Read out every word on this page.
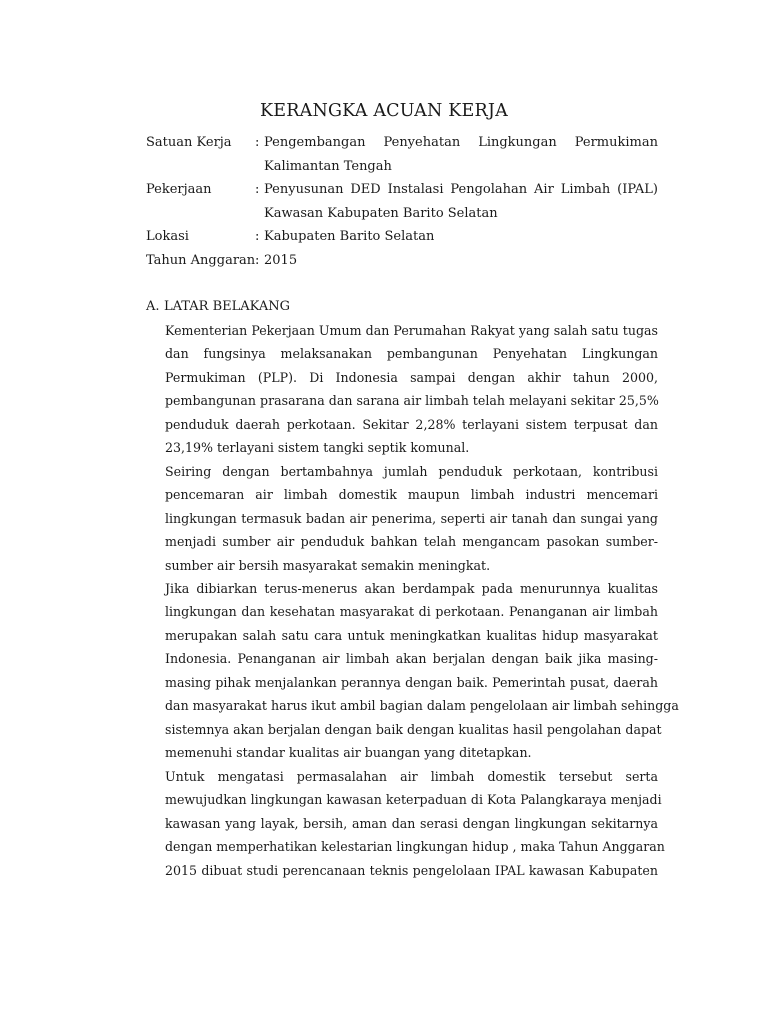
KERANGKA ACUAN KERJA
Satuan Kerja : Pengembangan Penyehatan Lingkungan Permukiman
Kalimantan Tengah
Pekerjaan	: Penyusunan DED Instalasi Pengolahan Air Limbah (IPAL)
Kawasan Kabupaten Barito Selatan
Lokasi	: Kabupaten Barito Selatan
Tahun Anggaran : 2015
A. LATAR BELAKANG
Kementerian Pekerjaan Umum dan Perumahan Rakyat yang salah satu tugas
dan fungsinya melaksanakan pembangunan Penyehatan Lingkungan
Permukiman (PLP). Di Indonesia sampai dengan akhir tahun 2000,
pembangunan prasarana dan sarana air limbah telah melayani sekitar 25,5%
penduduk daerah perkotaan. Sekitar 2,28% terlayani sistem terpusat dan
23,19% terlayani sistem tangki septik komunal.
Seiring dengan bertambahnya jumlah penduduk perkotaan, kontribusi
pencemaran air limbah domestik maupun limbah industri mencemari
lingkungan termasuk badan air penerima, seperti air tanah dan sungai yang
menjadi sumber air penduduk bahkan telah mengancam pasokan sumber-
sumber air bersih masyarakat semakin meningkat.
Jika dibiarkan terus-menerus akan berdampak pada menurunnya kualitas
lingkungan dan kesehatan masyarakat di perkotaan. Penanganan air limbah
merupakan salah satu cara untuk meningkatkan kualitas hidup masyarakat
Indonesia. Penanganan air limbah akan berjalan dengan baik jika masing-
masing pihak menjalankan perannya dengan baik. Pemerintah pusat, daerah
dan masyarakat harus ikut ambil bagian dalam pengelolaan air limbah sehingga
sistemnya akan berjalan dengan baik dengan kualitas hasil pengolahan dapat
memenuhi standar kualitas air buangan yang ditetapkan.
Untuk mengatasi permasalahan air limbah domestik tersebut serta
mewujudkan lingkungan kawasan keterpaduan di Kota Palangkaraya menjadi
kawasan yang layak, bersih, aman dan serasi dengan lingkungan sekitarnya
dengan memperhatikan kelestarian lingkungan hidup , maka Tahun Anggaran
2015 dibuat studi perencanaan teknis pengelolaan IPAL kawasan Kabupaten
